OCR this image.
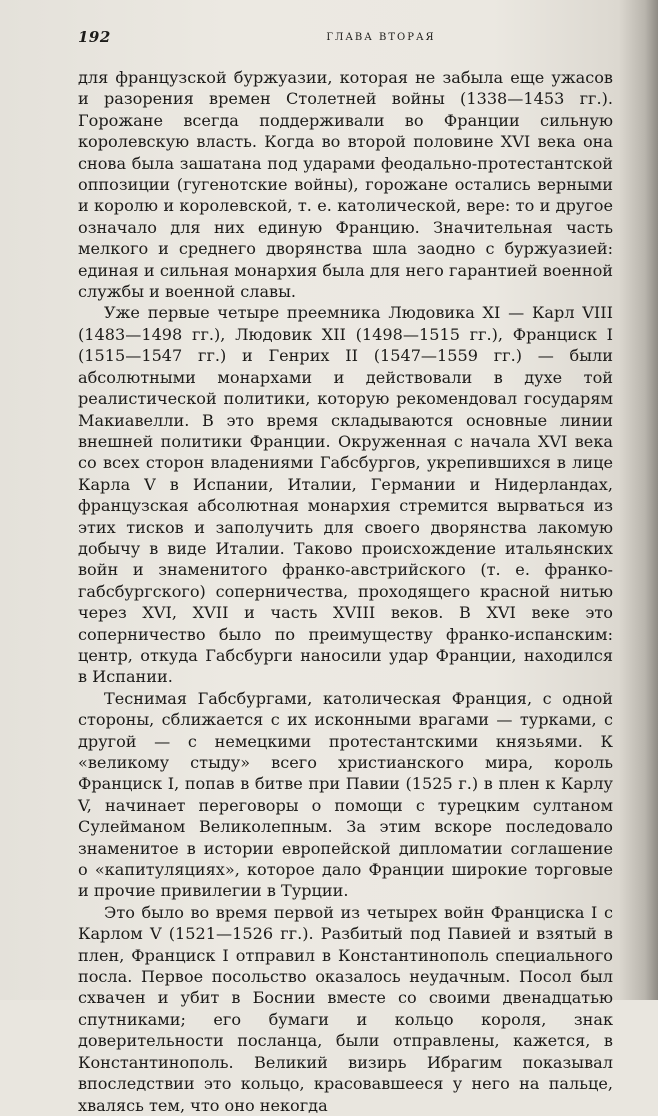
192	ГЛАВА ВТОРАЯ

для французской буржуазии, которая не забыла еще ужасов и разорения времен Столетней войны (1338—1453 гг.). Горожане всегда поддерживали во Франции сильную королевскую власть. Когда во второй половине XVI века она снова была зашатана под ударами феодально-протестантской оппозиции (гугенотские войны), горожане остались верными и королю и королевской, т. е. католической, вере: то и другое означало для них единую Францию. Значительная часть мелкого и среднего дворянства шла заодно с буржуазией: единая и сильная монархия была для него гарантией военной службы и военной славы.

Уже первые четыре преемника Людовика XI — Карл VIII (1483—1498 гг.), Людовик XII (1498—1515 гг.), Франциск I (1515—1547 гг.) и Генрих II (1547—1559 гг.) — были абсолютными монархами и действовали в духе той реалистической политики, которую рекомендовал государям Макиавелли. В это время складываются основные линии внешней политики Франции. Окруженная с начала XVI века со всех сторон владениями Габсбургов, укрепившихся в лице Карла V в Испании, Италии, Германии и Нидерландах, французская абсолютная монархия стремится вырваться из этих тисков и заполучить для своего дворянства лакомую добычу в виде Италии. Таково происхождение итальянских войн и знаменитого франко-австрийского (т. е. франко-габсбургского) соперничества, проходящего красной нитью через XVI, XVII и часть XVIII веков. В XVI веке это соперничество было по преимуществу франко-испанским: центр, откуда Габсбурги наносили удар Франции, находился в Испании.

Теснимая Габсбургами, католическая Франция, с одной стороны, сближается с их исконными врагами — турками, с другой — с немецкими протестантскими князьями. К «великому стыду» всего христианского мира, король Франциск I, попав в битве при Павии (1525 г.) в плен к Карлу V, начинает переговоры о помощи с турецким султаном Сулейманом Великолепным. За этим вскоре последовало знаменитое в истории европейской дипломатии соглашение о «капитуляциях», которое дало Франции широкие торговые и прочие привилегии в Турции.

Это было во время первой из четырех войн Франциска I с Карлом V (1521—1526 гг.). Разбитый под Павией и взятый в плен, Франциск I отправил в Константинополь специального посла. Первое посольство оказалось неудачным. Посол был схвачен и убит в Боснии вместе со своими двенадцатью спутниками; его бумаги и кольцо короля, знак доверительности посланца, были отправлены, кажется, в Константинополь. Великий визирь Ибрагим показывал впоследствии это кольцо, красовавшееся у него на пальце, хвалясь тем, что оно некогда
